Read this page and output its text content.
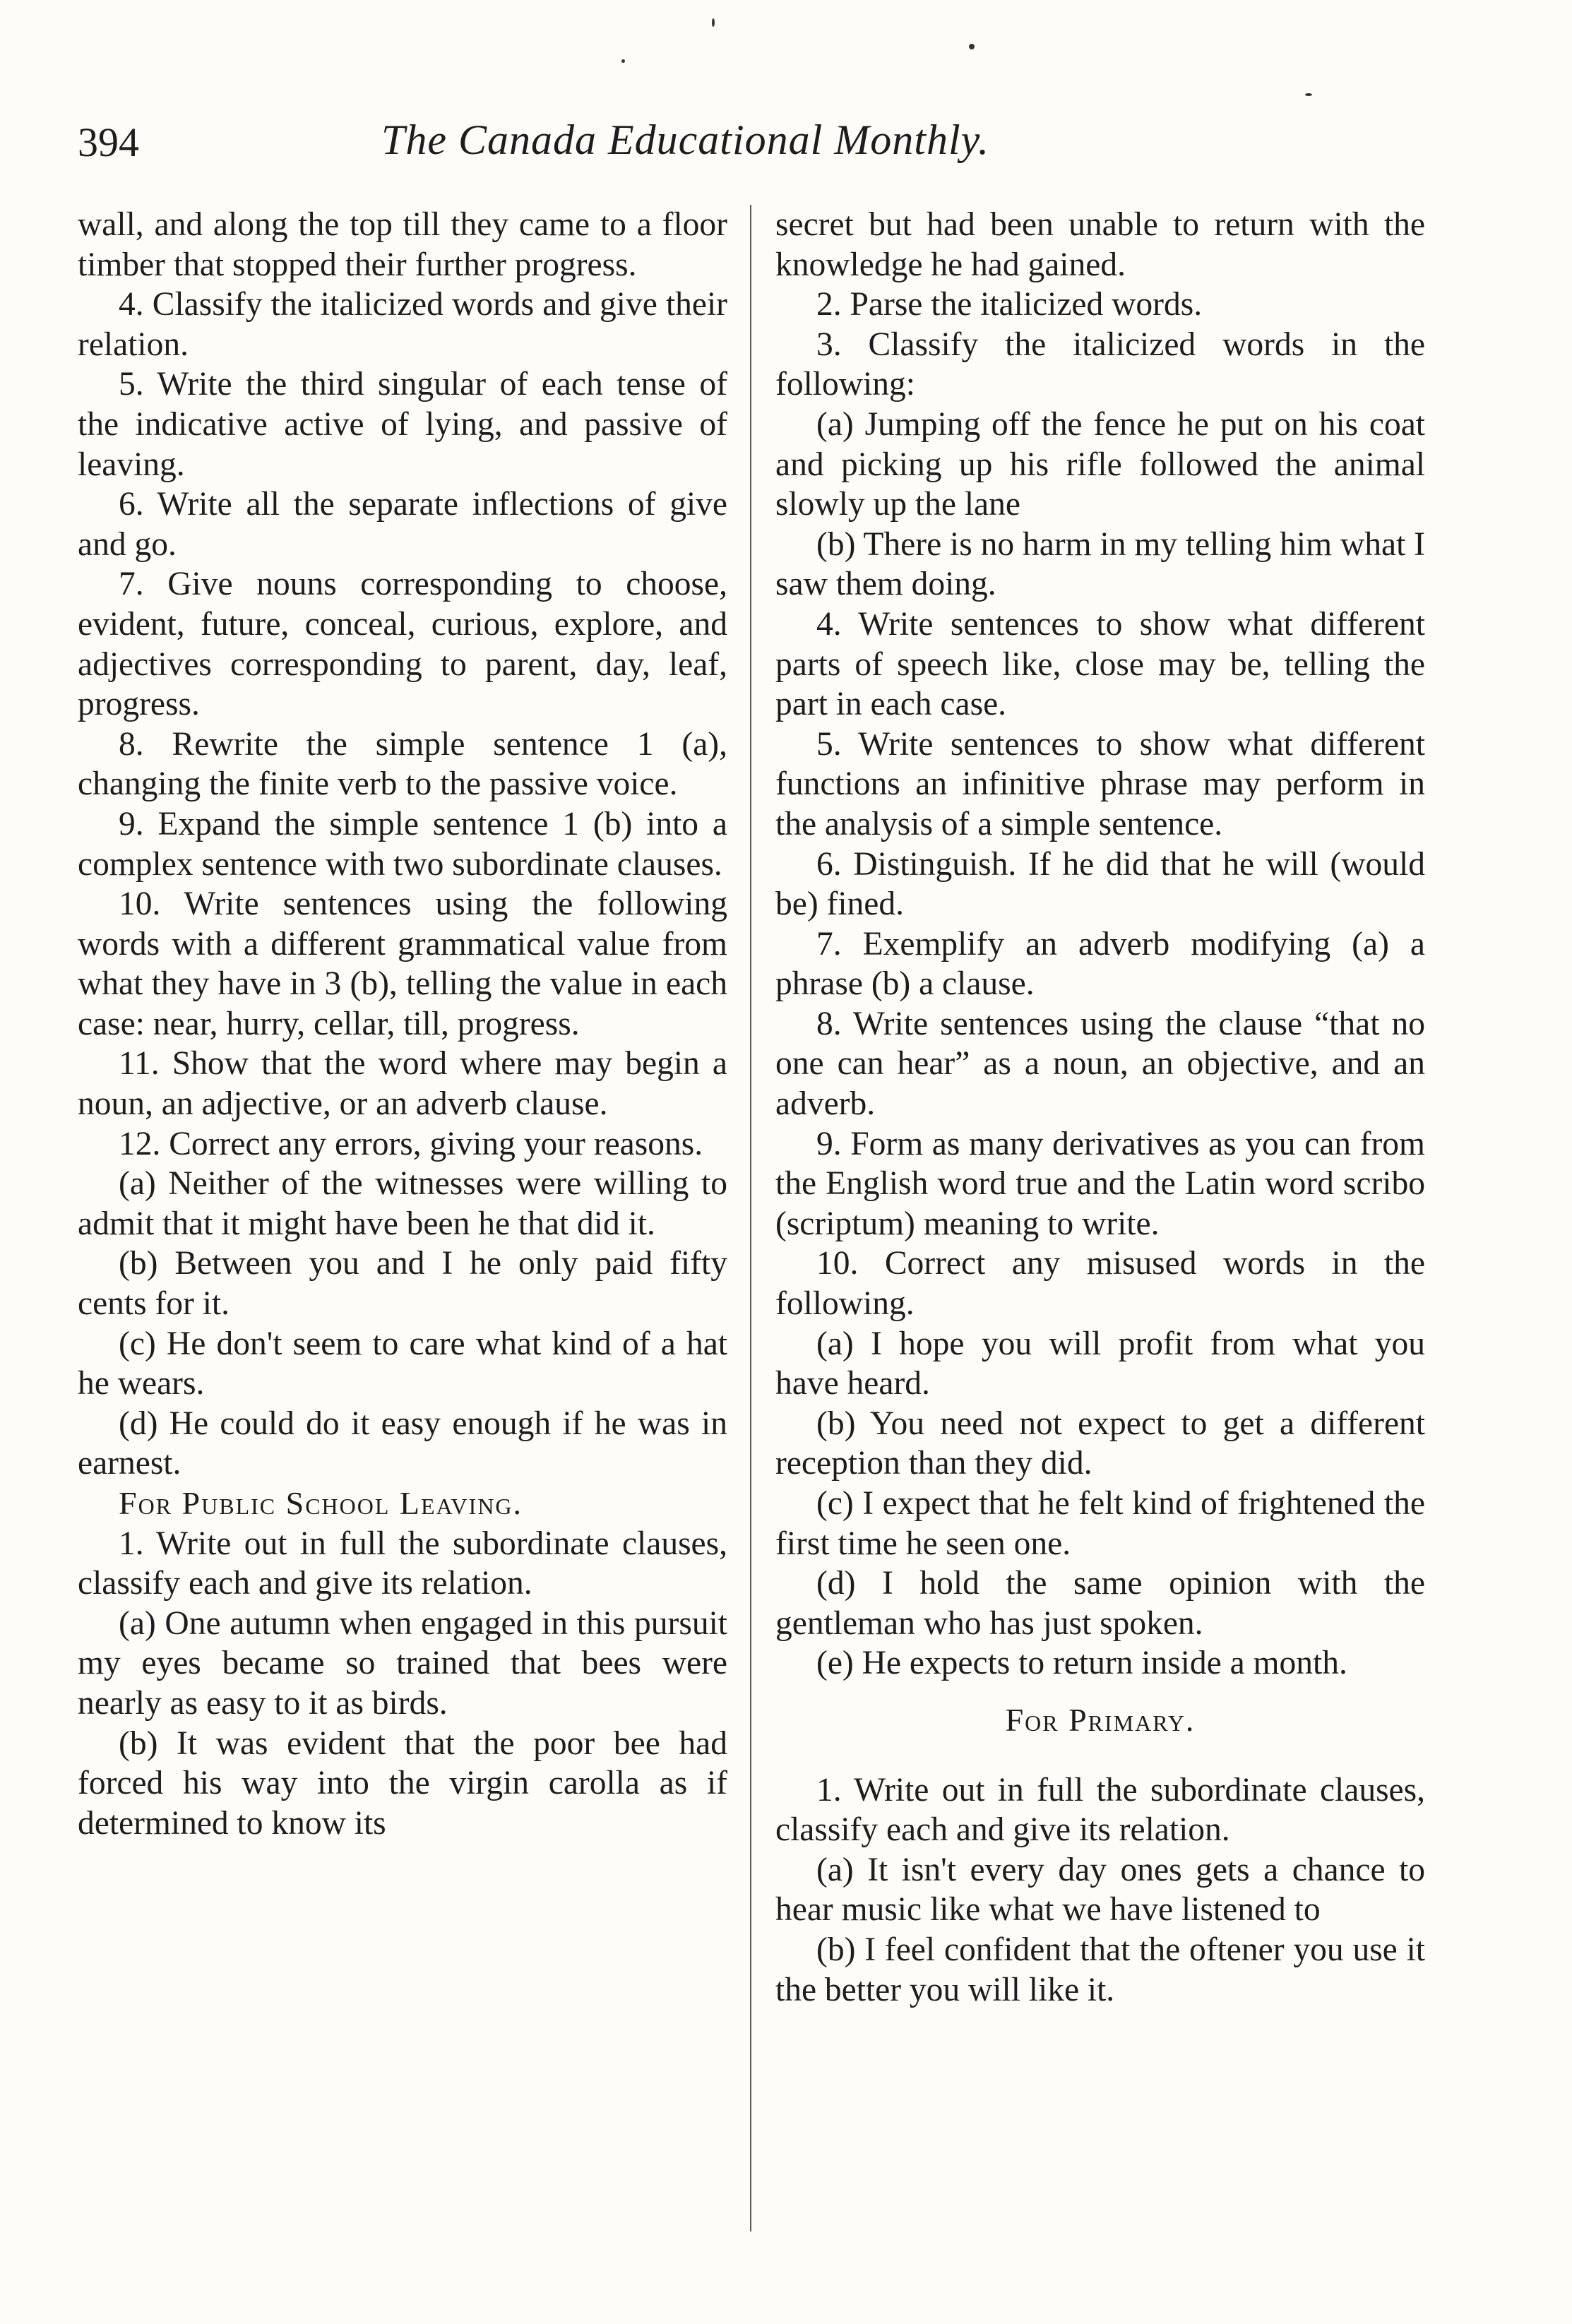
394	The Canada Educational Monthly.

wall, and along the top till they came to a floor timber that stopped their further progress.

4. Classify the italicized words and give their relation.

5. Write the third singular of each tense of the indicative active of lying, and passive of leaving.

6. Write all the separate inflections of give and go.

7. Give nouns corresponding to choose, evident, future, conceal, curious, explore, and adjectives corresponding to parent, day, leaf, progress.

8. Rewrite the simple sentence 1 (a), changing the finite verb to the passive voice.

9. Expand the simple sentence 1 (b) into a complex sentence with two subordinate clauses.

10. Write sentences using the following words with a different grammatical value from what they have in 3 (b), telling the value in each case: near, hurry, cellar, till, progress.

11. Show that the word where may begin a noun, an adjective, or an adverb clause.

12. Correct any errors, giving your reasons.

(a) Neither of the witnesses were willing to admit that it might have been he that did it.

(b) Between you and I he only paid fifty cents for it.

(c) He don't seem to care what kind of a hat he wears.

(d) He could do it easy enough if he was in earnest.

For Public School Leaving.

1. Write out in full the subordinate clauses, classify each and give its relation.

(a) One autumn when engaged in this pursuit my eyes became so trained that bees were nearly as easy to it as birds.

(b) It was evident that the poor bee had forced his way into the virgin carolla as if determined to know its

secret but had been unable to return with the knowledge he had gained.

2. Parse the italicized words.

3. Classify the italicized words in the following:

(a) Jumping off the fence he put on his coat and picking up his rifle followed the animal slowly up the lane

(b) There is no harm in my telling him what I saw them doing.

4. Write sentences to show what different parts of speech like, close may be, telling the part in each case.

5. Write sentences to show what different functions an infinitive phrase may perform in the analysis of a simple sentence.

6. Distinguish. If he did that he will (would be) fined.

7. Exemplify an adverb modifying (a) a phrase (b) a clause.

8. Write sentences using the clause “that no one can hear” as a noun, an objective, and an adverb.

9. Form as many derivatives as you can from the English word true and the Latin word scribo (scriptum) meaning to write.

10. Correct any misused words in the following.

(a) I hope you will profit from what you have heard.

(b) You need not expect to get a different reception than they did.

(c) I expect that he felt kind of frightened the first time he seen one.

(d) I hold the same opinion with the gentleman who has just spoken.

(e) He expects to return inside a month.

For Primary.

1. Write out in full the subordinate clauses, classify each and give its relation.

(a) It isn't every day ones gets a chance to hear music like what we have listened to

(b) I feel confident that the oftener you use it the better you will like it.
